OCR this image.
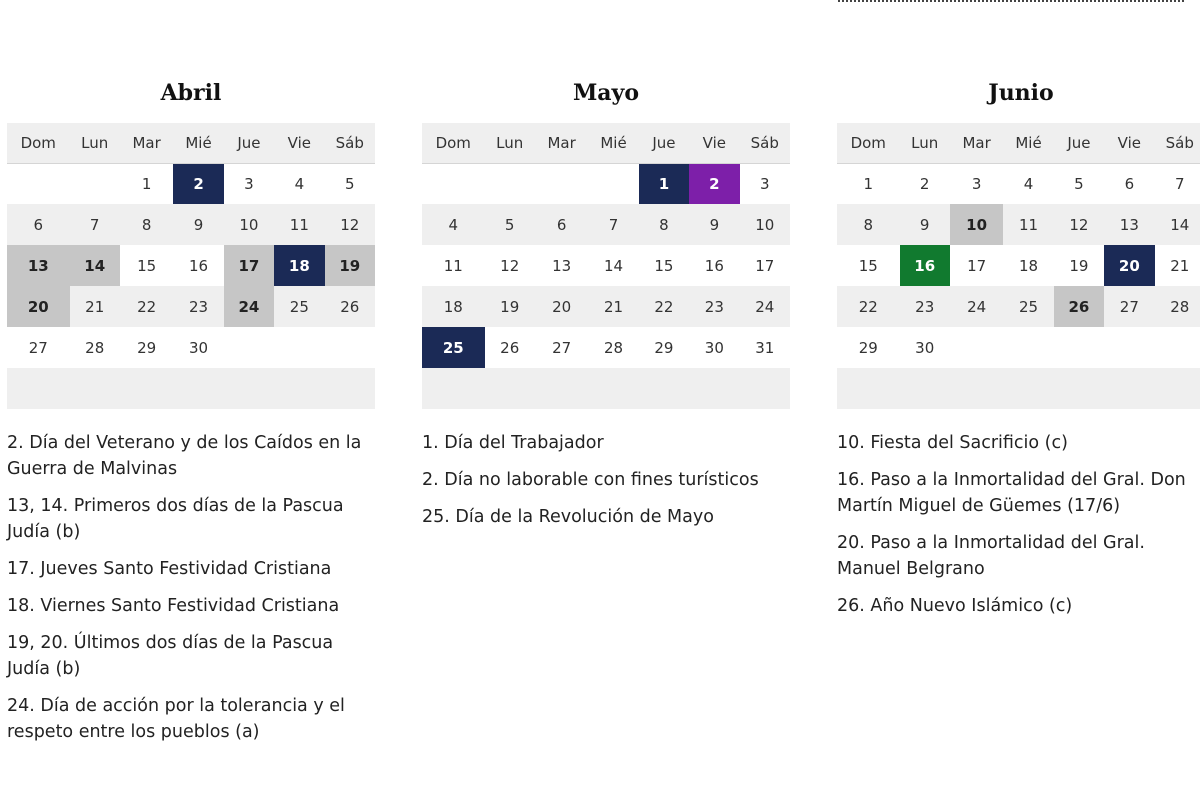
Abril
Dom	Lun	Mar	Mié	Jue	Vie	Sáb
		1	2	3	4	5
6	7	8	9	10	11	12
13	14	15	16	17	18	19
20	21	22	23	24	25	26
27	28	29	30			

Mayo
Dom	Lun	Mar	Mié	Jue	Vie	Sáb
				1	2	3
4	5	6	7	8	9	10
11	12	13	14	15	16	17
18	19	20	21	22	23	24
25	26	27	28	29	30	31

Junio
Dom	Lun	Mar	Mié	Jue	Vie	Sáb
1	2	3	4	5	6	7
8	9	10	11	12	13	14
15	16	17	18	19	20	21
22	23	24	25	26	27	28
29	30					

2. Día del Veterano y de los Caídos en la Guerra de Malvinas

13, 14. Primeros dos días de la Pascua Judía (b)

17. Jueves Santo Festividad Cristiana

18. Viernes Santo Festividad Cristiana

19, 20. Últimos dos días de la Pascua Judía (b)

24. Día de acción por la tolerancia y el respeto entre los pueblos (a)

1. Día del Trabajador

2. Día no laborable con fines turísticos

25. Día de la Revolución de Mayo

10. Fiesta del Sacrificio (c)

16. Paso a la Inmortalidad del Gral. Don Martín Miguel de Güemes (17/6)

20. Paso a la Inmortalidad del Gral. Manuel Belgrano

26. Año Nuevo Islámico (c)
